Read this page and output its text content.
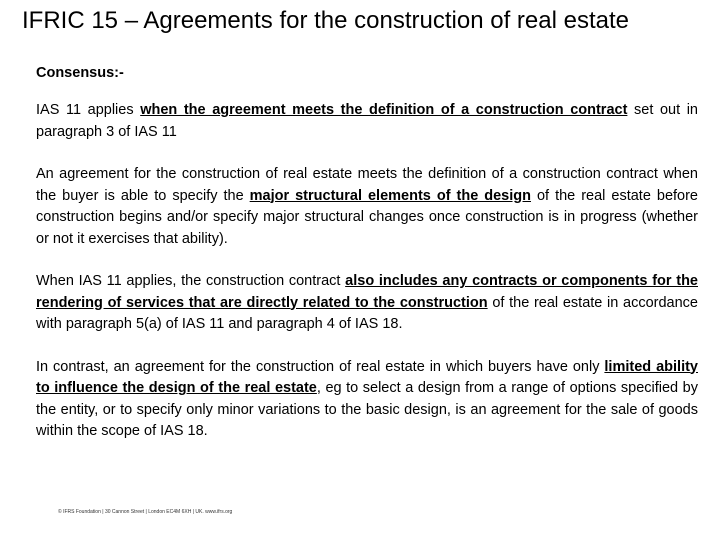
IFRIC 15 – Agreements for the construction of real estate
Consensus:-

IAS 11 applies when the agreement meets the definition of a construction contract set out in paragraph 3 of IAS 11

An agreement for the construction of real estate meets the definition of a construction contract when the buyer is able to specify the major structural elements of the design of the real estate before construction begins and/or specify major structural changes once construction is in progress (whether or not it exercises that ability).

When IAS 11 applies, the construction contract also includes any contracts or components for the rendering of services that are directly related to the construction of the real estate in accordance with paragraph 5(a) of IAS 11 and paragraph 4 of IAS 18.

In contrast, an agreement for the construction of real estate in which buyers have only limited ability to influence the design of the real estate, eg to select a design from a range of options specified by the entity, or to specify only minor variations to the basic design, is an agreement for the sale of goods within the scope of IAS 18.

© IFRS Foundation | 30 Cannon Street | London EC4M 6XH | UK. www.ifrs.org
